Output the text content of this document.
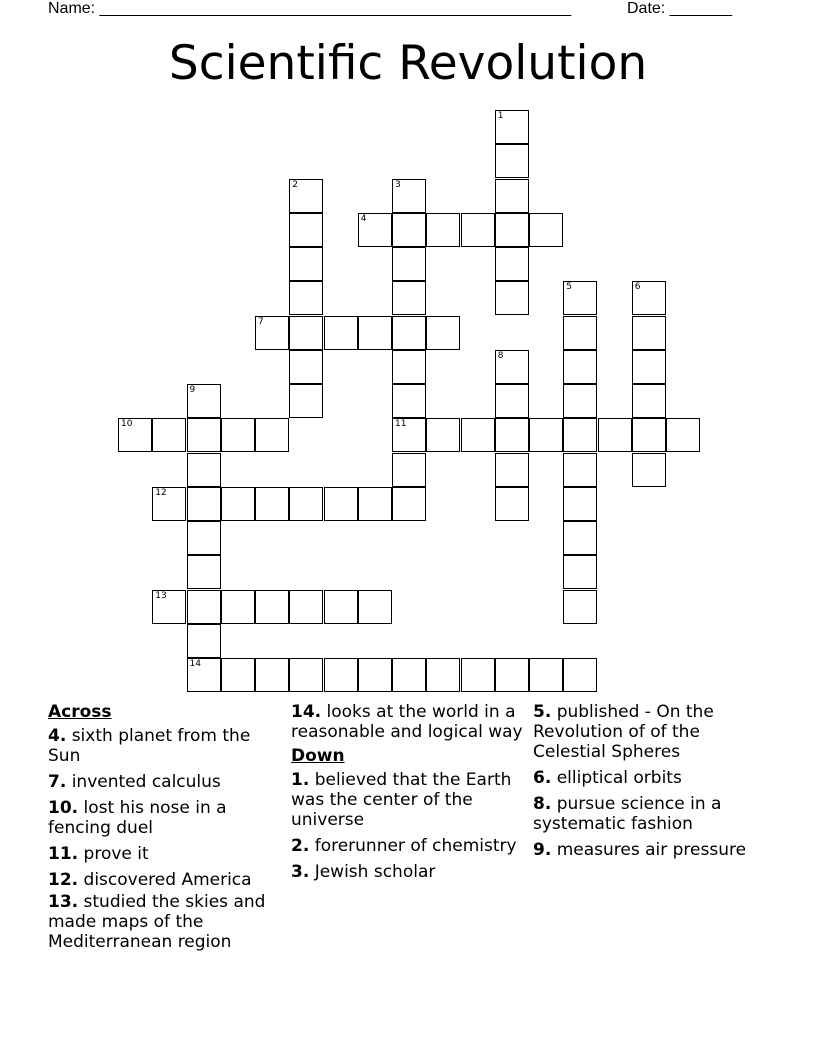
Name: _____________________________________________________	Date: _______
Scientific Revolution
1
2	3
11
4
5	6
7
8
9
14
10
12
13
Across
4. sixth planet from the Sun
7. invented calculus
10. lost his nose in a fencing duel
11. prove it
12. discovered America
13. studied the skies and made maps of the Mediterranean region
14. looks at the world in a reasonable and logical way
Down
1. believed that the Earth was the center of the universe
2. forerunner of chemistry
3. Jewish scholar
5. published - On the Revolution of of the Celestial Spheres
6. elliptical orbits
8. pursue science in a systematic fashion
9. measures air pressure
